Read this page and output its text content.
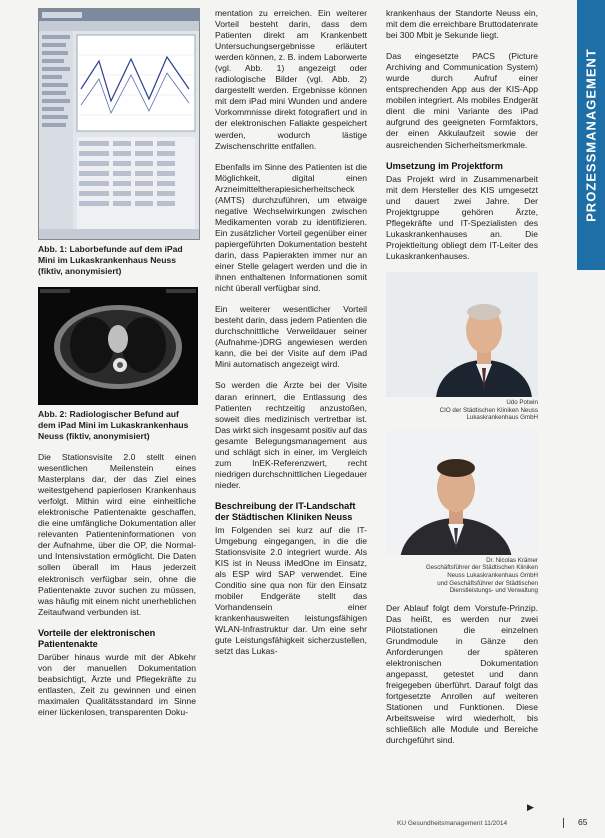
PROZESSMANAGEMENT
Abb. 1: Laborbefunde auf dem iPad Mini im Lukaskrankenhaus Neuss (fiktiv, anonymisiert)
Abb. 2: Radiologischer Befund auf dem iPad Mini im Lukaskrankenhaus Neuss (fiktiv, anonymisiert)

Die Stationsvisite 2.0 stellt einen wesentlichen Meilenstein eines Masterplans dar, der das Ziel eines weitestgehend papierlosen Krankenhaus verfolgt. Mithin wird eine einheitliche elektronische Patientenakte geschaffen, die eine umfängliche Dokumentation aller relevanten Patienteninformationen von der Aufnahme, über die OP, die Normal- und Intensivstation ermöglicht. Die Daten sollen überall im Haus jederzeit elektronisch verfügbar sein, ohne die Patientenakte zuvor suchen zu müssen, was häufig mit einem nicht unerheblichen Zeitaufwand verbunden ist.

Vorteile der elektronischen Patientenakte

Darüber hinaus wurde mit der Abkehr von der manuellen Dokumentation beabsichtigt, Ärzte und Pflegekräfte zu entlasten, Zeit zu gewinnen und einen maximalen Qualitätsstandard im Sinne einer lückenlosen, transparenten Doku-

mentation zu erreichen. Ein weiterer Vorteil besteht darin, dass dem Patienten direkt am Krankenbett Untersuchungsergebnisse erläutert werden können, z. B. indem Laborwerte (vgl. Abb. 1) angezeigt oder radiologische Bilder (vgl. Abb. 2) dargestellt werden. Ergebnisse können mit dem iPad mini Wunden und andere Vorkommnisse direkt fotografiert und in der elektronischen Fallakte gespeichert werden, wodurch lästige Zwischenschritte entfallen.

Ebenfalls im Sinne des Patienten ist die Möglichkeit, digital einen Arzneimitteltherapiesicherheitscheck (AMTS) durchzuführen, um etwaige negative Wechselwirkungen zwischen Medikamenten vorab zu identifizieren. Ein zusätzlicher Vorteil gegenüber einer papiergeführten Dokumentation besteht darin, dass Papierakten immer nur an einer Stelle gelagert werden und die in ihnen enthaltenen Informationen somit nicht überall verfügbar sind.

Ein weiterer wesentlicher Vorteil besteht darin, dass jedem Patienten die durchschnittliche Verweildauer seiner (Aufnahme-)DRG angewiesen werden kann, die bei der Visite auf dem iPad Mini automatisch angezeigt wird.

So werden die Ärzte bei der Visite daran erinnert, die Entlassung des Patienten rechtzeitig anzustoßen, soweit dies medizinisch vertretbar ist. Das wirkt sich insgesamt positiv auf das gesamte Belegungsmanagement aus und schlägt sich in einer, im Vergleich zum InEK-Referenzwert, recht niedrigen durchschnittlichen Liegedauer nieder.

Beschreibung der IT-Landschaft der Städtischen Kliniken Neuss

Im Folgenden sei kurz auf die IT-Umgebung eingegangen, in die die Stationsvisite 2.0 integriert wurde. Als KIS ist in Neuss iMedOne im Einsatz, als ESP wird SAP verwendet. Eine Conditio sine qua non für den Einsatz mobiler Endgeräte stellt das Vorhandensein einer krankenhausweiten leistungsfähigen WLAN-Infrastruktur dar. Um eine sehr gute Leistungsfähigkeit sicherzustellen, setzt das Lukas-

krankenhaus der Standorte Neuss ein, mit dem die erreichbare Bruttodatenrate bei 300 Mbit je Sekunde liegt.

Das eingesetzte PACS (Picture Archiving and Communication System) wurde durch Aufruf einer entsprechenden App aus der KIS-App mobilen integriert. Als mobiles Endgerät dient die mini Variante des iPad aufgrund des geeigneten Formfaktors, der einen Akkulaufzeit sowie der ausreichenden Sicherheitsmerkmale.

Umsetzung im Projektform

Das Projekt wird in Zusammenarbeit mit dem Hersteller des KIS umgesetzt und dauert zwei Jahre. Der Projektgruppe gehören Ärzte, Pflegekräfte und IT-Spezialisten des Lukaskrankenhauses an. Die Projektleitung obliegt dem IT-Leiter des Lukaskrankenhauses.

Udo Potwin
CIO der Städtischen Kliniken Neuss
Lukaskrankenhaus GmbH
Dr. Nicolas Krämer
Geschäftsführer der Städtischen Kliniken
Neuss Lukaskrankenhaus GmbH
und Geschäftsführer der Städtischen
Dienstleistungs- und Verwaltung

Der Ablauf folgt dem Vorstufe-Prinzip. Das heißt, es werden nur zwei Pilotstationen die einzelnen Grundmodule in Gänze den Anforderungen der späteren elektronischen Dokumentation angepasst, getestet und dann freigegeben überführt. Darauf folgt das fortgesetzte Anrollen auf weiteren Stationen und Funktionen. Diese Arbeitsweise wird wiederholt, bis schließlich alle Module und Bereiche durchgeführt sind.

▶
KU Gesundheitsmanagement 11/2014	65
